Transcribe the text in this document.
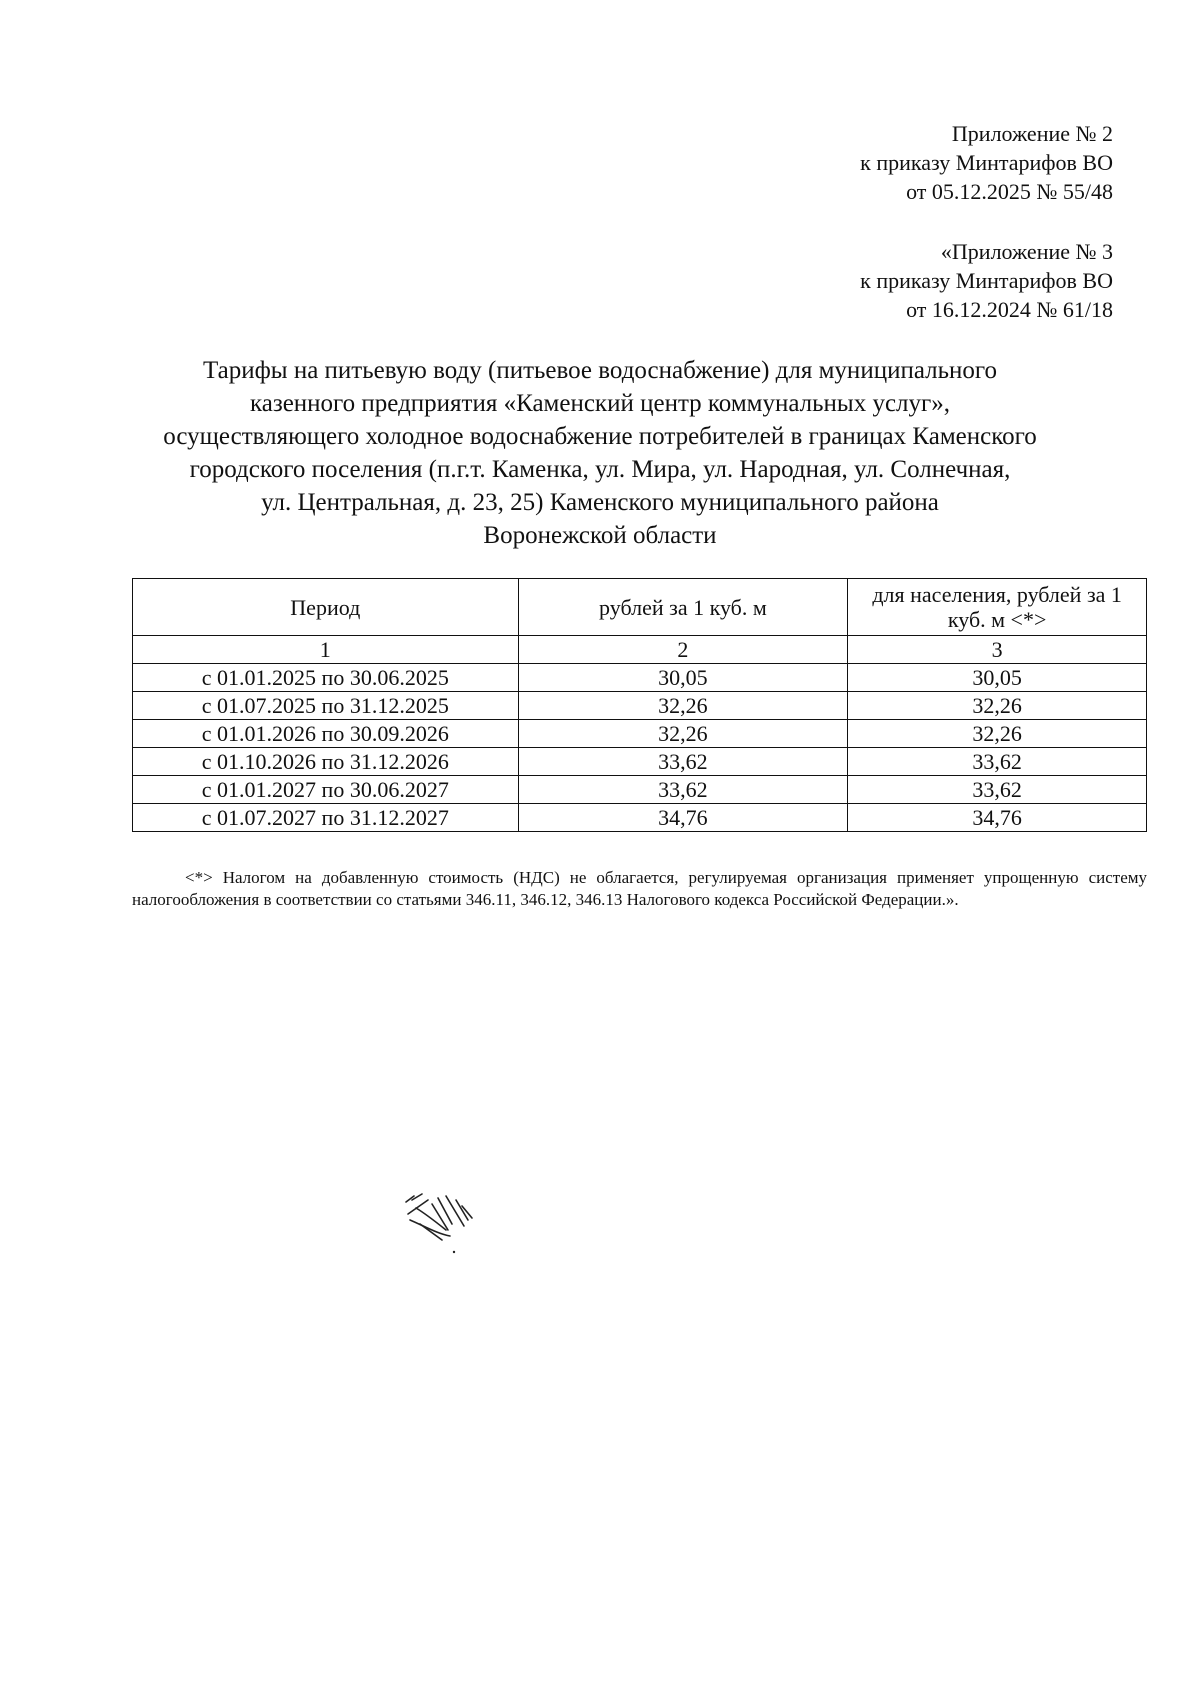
Приложение № 2
к приказу Минтарифов ВО
от 05.12.2025 № 55/48
«Приложение № 3
к приказу Минтарифов ВО
от 16.12.2024 № 61/18
Тарифы на питьевую воду (питьевое водоснабжение) для муниципального
казенного предприятия «Каменский центр коммунальных услуг»,
осуществляющего холодное водоснабжение потребителей в границах Каменского
городского поселения (п.г.т. Каменка, ул. Мира, ул. Народная, ул. Солнечная,
ул. Центральная, д. 23, 25) Каменского муниципального района
Воронежской области
Период	рублей за 1 куб. м	для населения, рублей за 1 куб. м <*>
1	2	3
с 01.01.2025 по 30.06.2025	30,05	30,05
с 01.07.2025 по 31.12.2025	32,26	32,26
с 01.01.2026 по 30.09.2026	32,26	32,26
с 01.10.2026 по 31.12.2026	33,62	33,62
с 01.01.2027 по 30.06.2027	33,62	33,62
с 01.07.2027 по 31.12.2027	34,76	34,76
<*> Налогом на добавленную стоимость (НДС) не облагается, регулируемая организация применяет упрощенную систему налогообложения в соответствии со статьями 346.11, 346.12, 346.13 Налогового кодекса Российской Федерации.».
